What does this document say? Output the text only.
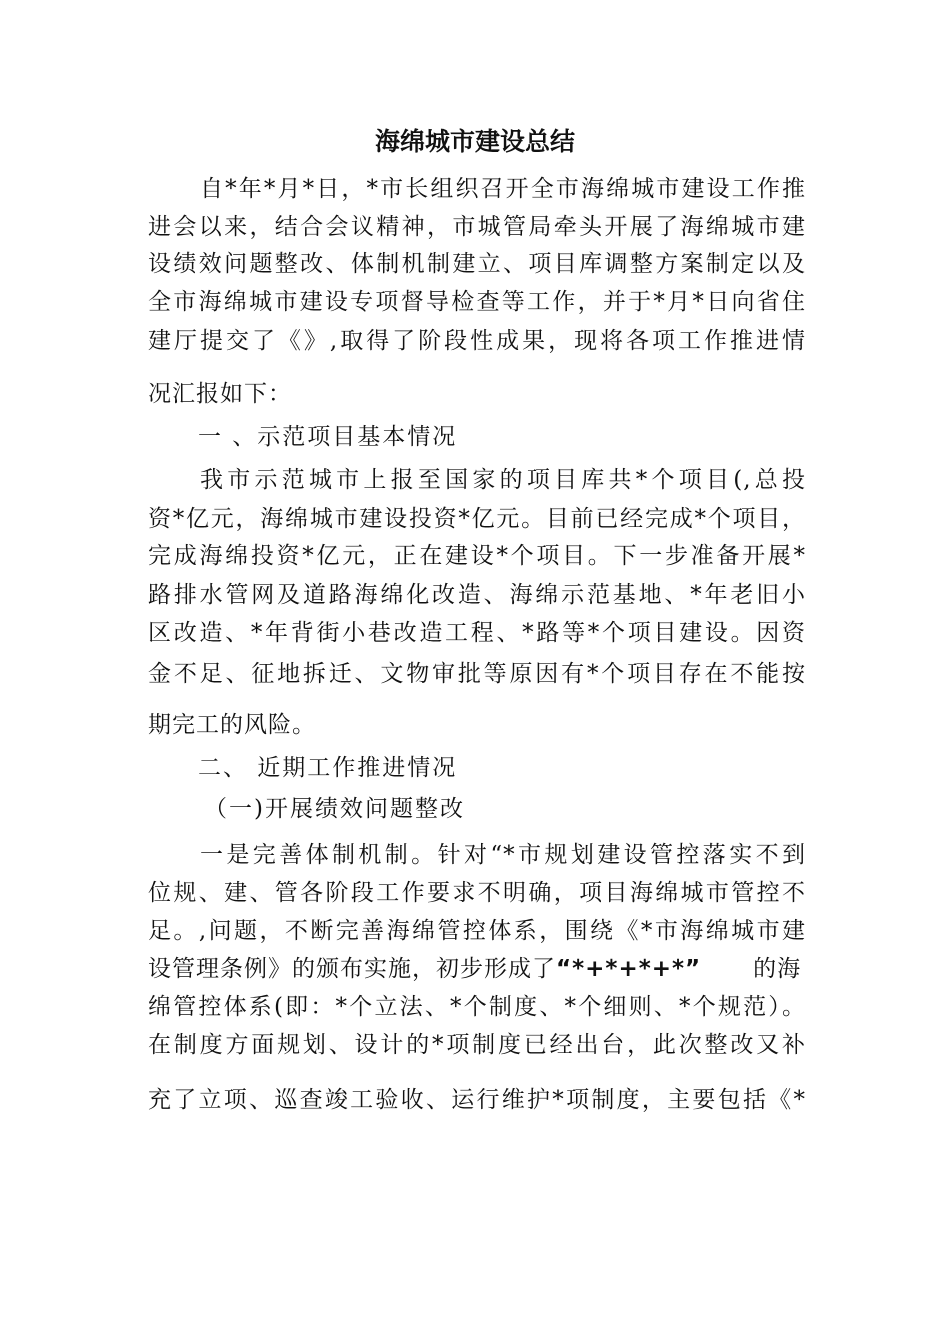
海绵城市建设总结
自*年*月*日，*市长组织召开全市海绵城市建设工作推
进会以来，结合会议精神，市城管局牵头开展了海绵城市建
设绩效问题整改、体制机制建立、项目库调整方案制定以及
全市海绵城市建设专项督导检查等工作，并于*月*日向省住
建厅提交了《》,取得了阶段性成果，现将各项工作推进情
况汇报如下：
一 、示范项目基本情况
我市示范城市上报至国家的项目库共*个项目(,总投
资*亿元，海绵城市建设投资*亿元。目前已经完成*个项目，
完成海绵投资*亿元，正在建设*个项目。下一步准备开展*
路排水管网及道路海绵化改造、海绵示范基地、*年老旧小
区改造、*年背街小巷改造工程、*路等*个项目建设。因资
金不足、征地拆迁、文物审批等原因有*个项目存在不能按
期完工的风险。
二、 近期工作推进情况
（一)开展绩效问题整改
一是完善体制机制。针对“*市规划建设管控落实不到
位规、建、管各阶段工作要求不明确，项目海绵城市管控不
足。,问题，不断完善海绵管控体系，围绕《*市海绵城市建
设管理条例》的颁布实施，初步形成了“*+*+*+*” 的海
绵管控体系(即：*个立法、*个制度、*个细则、*个规范）。
在制度方面规划、设计的*项制度已经出台，此次整改又补
充了立项、巡查竣工验收、运行维护*项制度，主要包括《*
